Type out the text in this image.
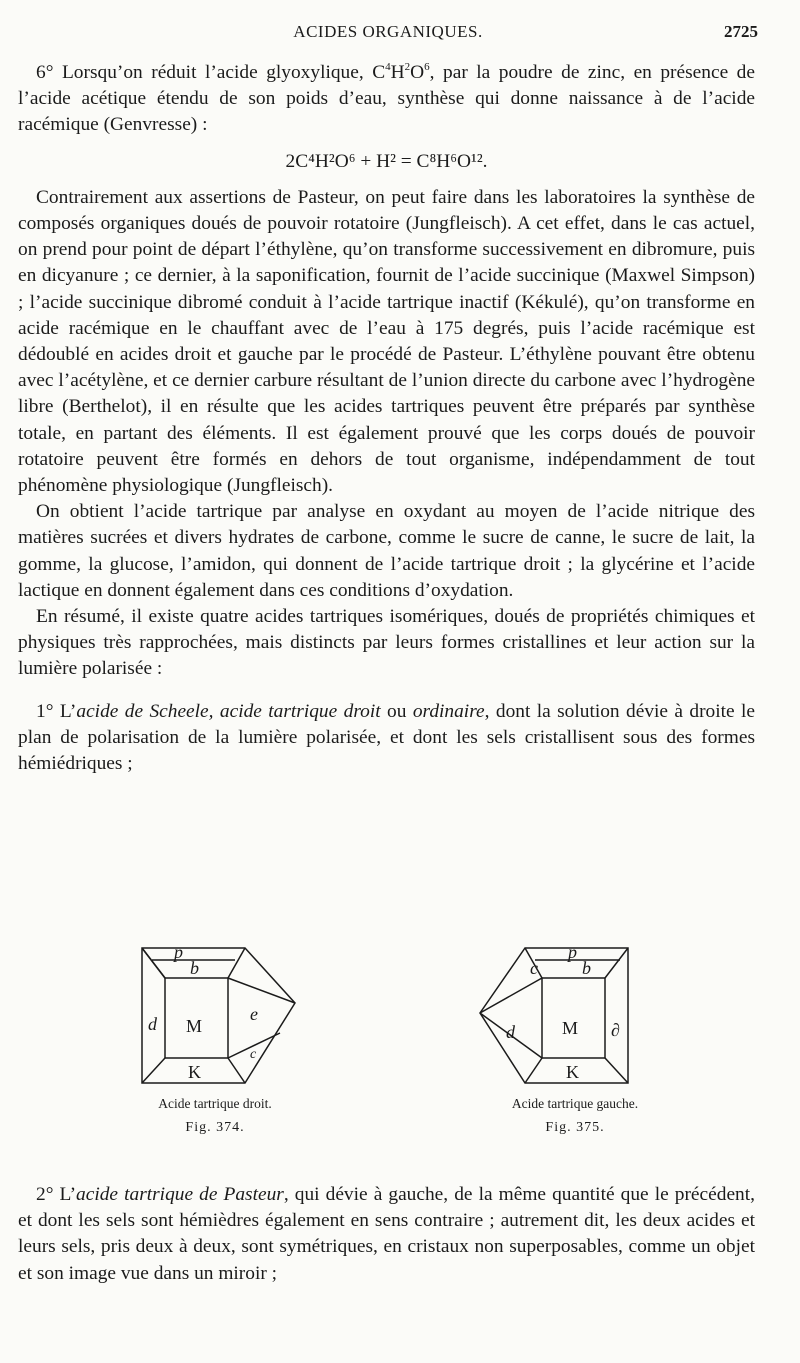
ACIDES ORGANIQUES.	2725

6° Lorsqu’on réduit l’acide glyoxylique, $C^4H^2O^6$, par la poudre de zinc, en présence de l’acide acétique étendu de son poids d’eau, synthèse qui donne naissance à de l’acide racémique (Genvresse) :

2C⁴H²O⁶ + H² = C⁸H⁶O¹².

Contrairement aux assertions de Pasteur, on peut faire dans les laboratoires la synthèse de composés organiques doués de pouvoir rotatoire (Jungfleisch). A cet effet, dans le cas actuel, on prend pour point de départ l’éthylène, qu’on transforme successivement en dibromure, puis en dicyanure ; ce dernier, à la saponification, fournit de l’acide succinique (Maxwel Simpson) ; l’acide succinique dibromé conduit à l’acide tartrique inactif (Kékulé), qu’on transforme en acide racémique en le chauffant avec de l’eau à 175 degrés, puis l’acide racémique est dédoublé en acides droit et gauche par le procédé de Pasteur. L’éthylène pouvant être obtenu avec l’acétylène, et ce dernier carbure résultant de l’union directe du carbone avec l’hydrogène libre (Berthelot), il en résulte que les acides tartriques peuvent être préparés par synthèse totale, en partant des éléments. Il est également prouvé que les corps doués de pouvoir rotatoire peuvent être formés en dehors de tout organisme, indépendamment de tout phénomène physiologique (Jungfleisch).

On obtient l’acide tartrique par analyse en oxydant au moyen de l’acide nitrique des matières sucrées et divers hydrates de carbone, comme le sucre de canne, le sucre de lait, la gomme, la glucose, l’amidon, qui donnent de l’acide tartrique droit ; la glycérine et l’acide lactique en donnent également dans ces conditions d’oxydation.

En résumé, il existe quatre acides tartriques isomériques, doués de propriétés chimiques et physiques très rapprochées, mais distincts par leurs formes cristallines et leur action sur la lumière polarisée :

1° L’acide de Scheele, acide tartrique droit ou ordinaire, dont la solution dévie à droite le plan de polarisation de la lumière polarisée, et dont les sels cristallisent sous des formes hémiédriques ;

p
b
d	e
c
M
K
Acide tartrique droit.
Fig. 374.
p
b
c
d	∂
M
K
Acide tartrique gauche.
Fig. 375.

2° L’acide tartrique de Pasteur, qui dévie à gauche, de la même quantité que le précédent, et dont les sels sont hémièdres également en sens contraire ; autrement dit, les deux acides et leurs sels, pris deux à deux, sont symétriques, en cristaux non superposables, comme un objet et son image vue dans un miroir ;
